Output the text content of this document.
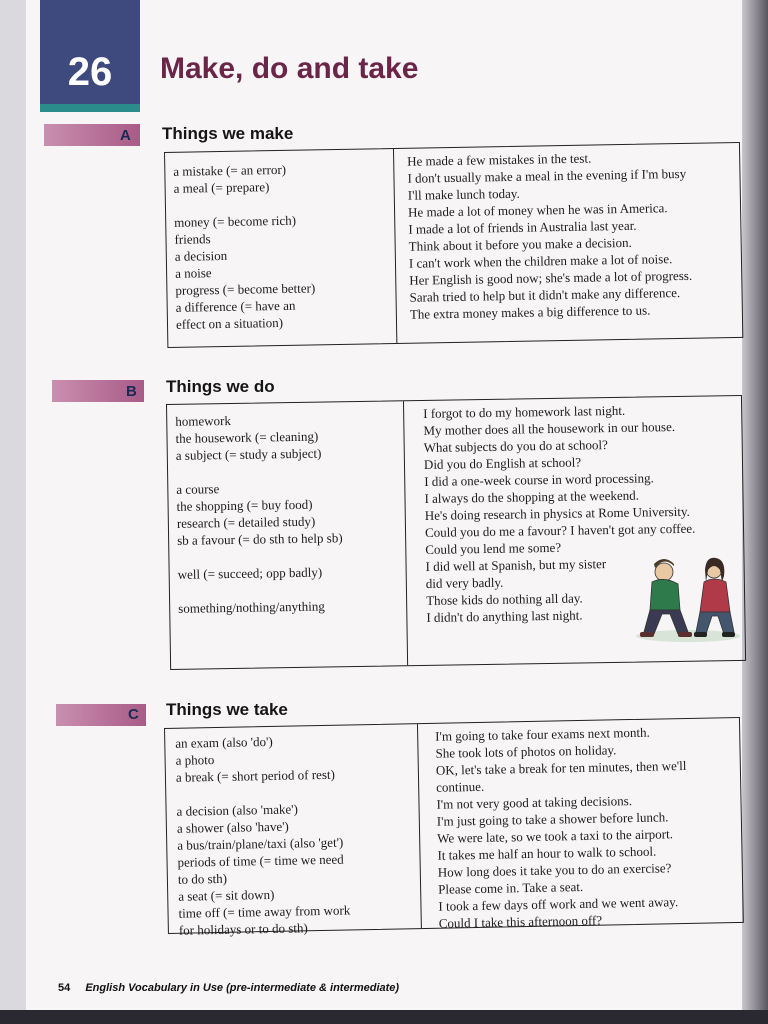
26	Make, do and take
A Things we make
a mistake (= an error)
a meal (= prepare)
money (= become rich)
friends
a decision
a noise
progress (= become better)
a difference (= have an
effect on a situation)
He made a few mistakes in the test.
I don't usually make a meal in the evening if I'm busy
I'll make lunch today.
He made a lot of money when he was in America.
I made a lot of friends in Australia last year.
Think about it before you make a decision.
I can't work when the children make a lot of noise.
Her English is good now; she's made a lot of progress.
Sarah tried to help but it didn't make any difference.
The extra money makes a big difference to us.
B Things we do
homework
the housework (= cleaning)
a subject (= study a subject)
a course
the shopping (= buy food)
research (= detailed study)
sb a favour (= do sth to help sb)
well (= succeed; opp badly)
something/nothing/anything
I forgot to do my homework last night.
My mother does all the housework in our house.
What subjects do you do at school?
Did you do English at school?
I did a one-week course in word processing.
I always do the shopping at the weekend.
He's doing research in physics at Rome University.
Could you do me a favour? I haven't got any coffee.
Could you lend me some?
I did well at Spanish, but my sister
did very badly.
Those kids do nothing all day.
I didn't do anything last night.
C Things we take
an exam (also 'do')
a photo
a break (= short period of rest)
a decision (also 'make')
a shower (also 'have')
a bus/train/plane/taxi (also 'get')
periods of time (= time we need
to do sth)
a seat (= sit down)
time off (= time away from work
for holidays or to do sth)
I'm going to take four exams next month.
She took lots of photos on holiday.
OK, let's take a break for ten minutes, then we'll
continue.
I'm not very good at taking decisions.
I'm just going to take a shower before lunch.
We were late, so we took a taxi to the airport.
It takes me half an hour to walk to school.
How long does it take you to do an exercise?
Please come in. Take a seat.
I took a few days off work and we went away.
Could I take this afternoon off?
54 English Vocabulary in Use (pre-intermediate & intermediate)
